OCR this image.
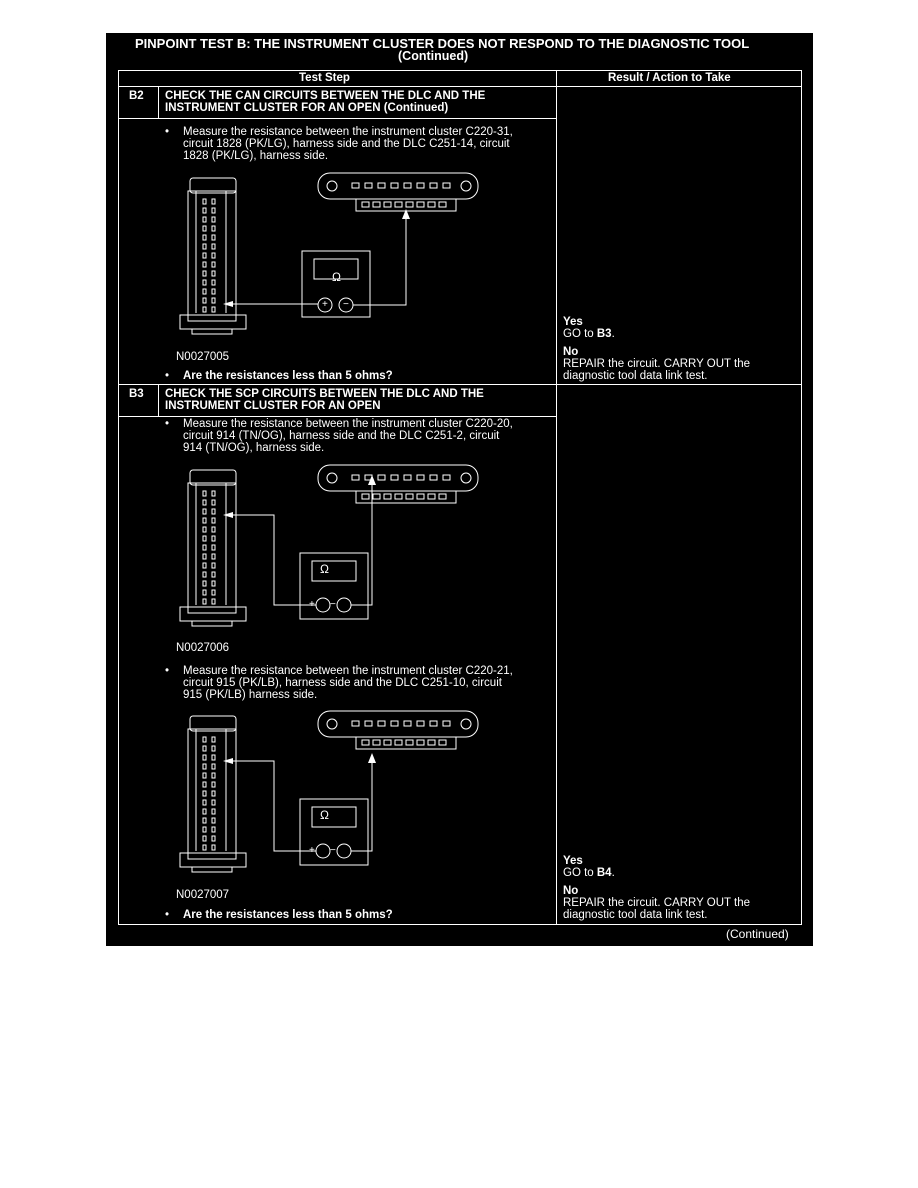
PINPOINT TEST B: THE INSTRUMENT CLUSTER DOES NOT RESPOND TO THE DIAGNOSTIC TOOL
(Continued)
Test Step	Result / Action to Take
B2 CHECK THE CAN CIRCUITS BETWEEN THE DLC AND THE
INSTRUMENT CLUSTER FOR AN OPEN (Continued)
• Measure the resistance between the instrument cluster C220-31,
circuit 1828 (PK/LG), harness side and the DLC C251-14, circuit
1828 (PK/LG), harness side.
Ω
+ −
N0027005
• Are the resistances less than 5 ohms?
Yes
GO to B3.
No
REPAIR the circuit. CARRY OUT the
diagnostic tool data link test.
B3 CHECK THE SCP CIRCUITS BETWEEN THE DLC AND THE
INSTRUMENT CLUSTER FOR AN OPEN
• Measure the resistance between the instrument cluster C220-20,
circuit 914 (TN/OG), harness side and the DLC C251-2, circuit
914 (TN/OG), harness side.
Ω
+ −
N0027006
• Measure the resistance between the instrument cluster C220-21,
circuit 915 (PK/LB), harness side and the DLC C251-10, circuit
915 (PK/LB) harness side.
Ω
+ −
N0027007
• Are the resistances less than 5 ohms?
Yes
GO to B4.
No
REPAIR the circuit. CARRY OUT the
diagnostic tool data link test.
(Continued)
